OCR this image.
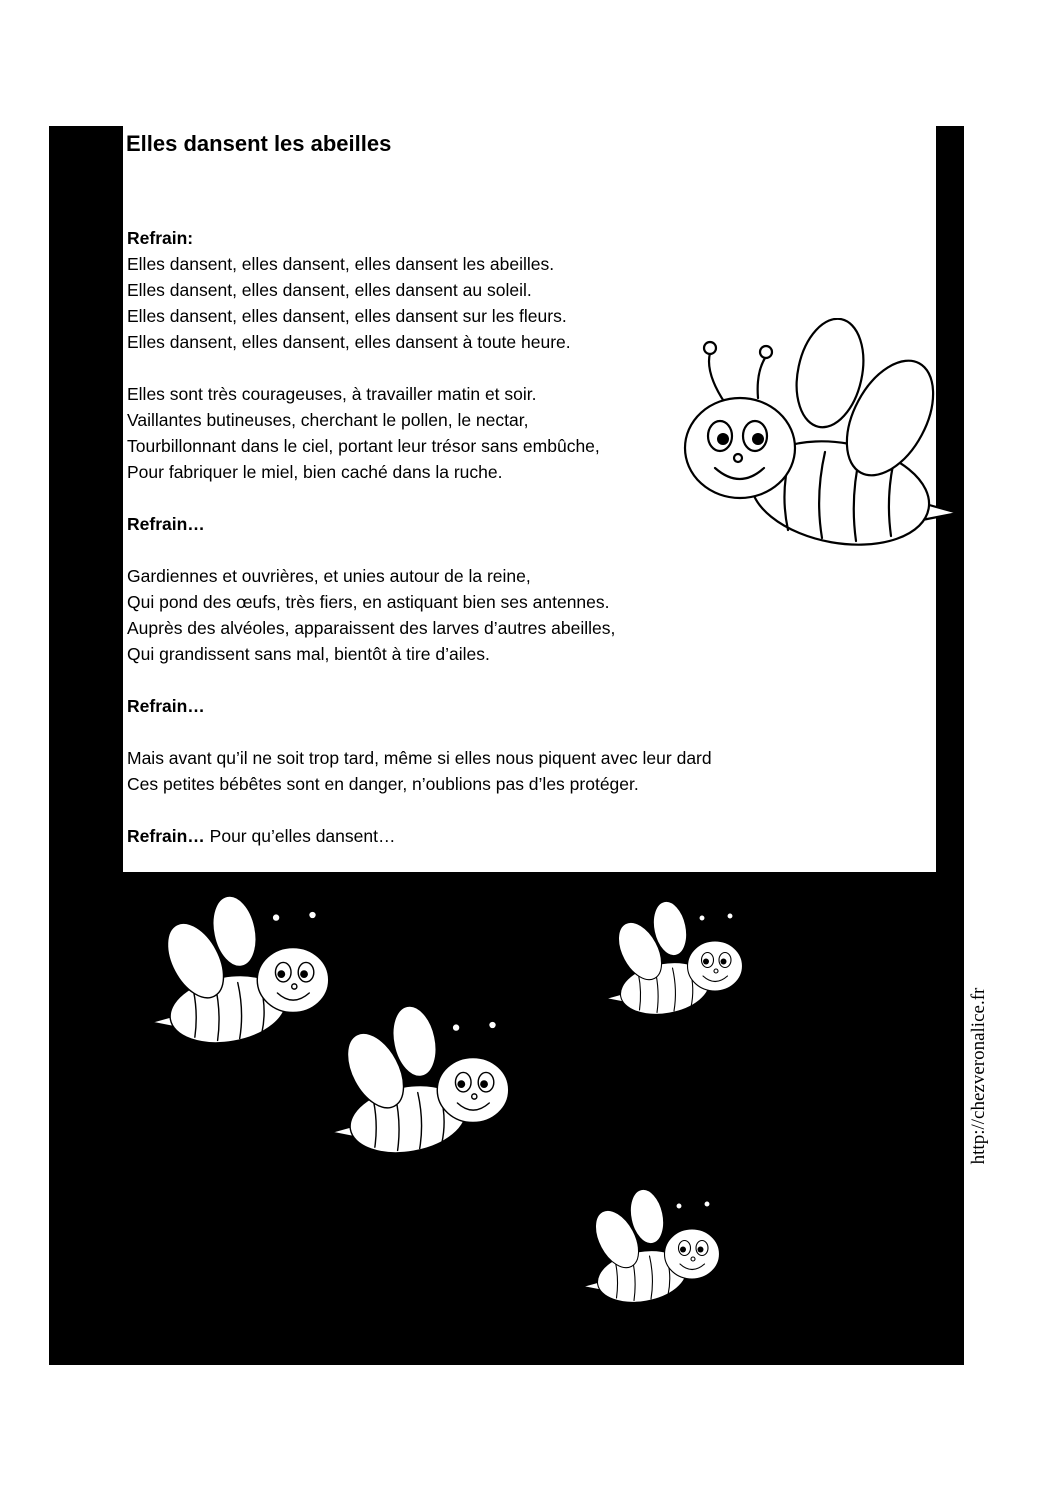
Elles dansent les abeilles
Refrain:
Elles dansent, elles dansent, elles dansent les abeilles.
Elles dansent, elles dansent, elles dansent au soleil.
Elles dansent, elles dansent, elles dansent sur les fleurs.
Elles dansent, elles dansent, elles dansent à toute heure.
Elles sont très courageuses, à travailler matin et soir.
Vaillantes butineuses, cherchant le pollen, le nectar,
Tourbillonnant dans le ciel, portant leur trésor sans embûche,
Pour fabriquer le miel, bien caché dans la ruche.
Refrain…
Gardiennes et ouvrières, et unies autour de la reine,
Qui pond des œufs, très fiers, en astiquant bien ses antennes.
Auprès des alvéoles, apparaissent des larves d’autres abeilles,
Qui grandissent sans mal, bientôt à tire d’ailes.
Refrain…
Mais avant qu’il ne soit trop tard, même si elles nous piquent avec leur dard
Ces petites bébêtes sont en danger, n’oublions pas d’les protéger.
Refrain… Pour qu’elles dansent…
http://chezveronalice.fr
